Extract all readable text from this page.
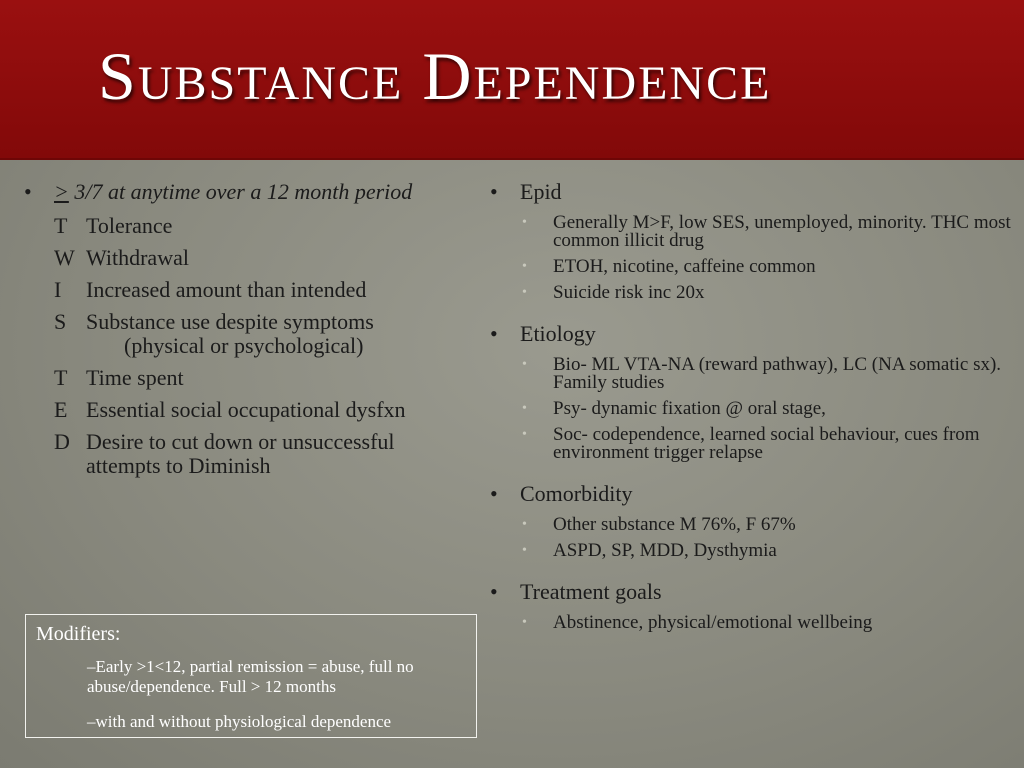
Substance Dependence
• ≥ 3/7 at anytime over a 12 month period
T Tolerance
W Withdrawal
I Increased amount than intended
S Substance use despite symptoms
(physical or psychological)
T Time spent
E Essential social occupational dysfxn
D Desire to cut down or unsuccessful
attempts to Diminish
Modifiers:
–Early >1<12, partial remission = abuse, full no abuse/dependence. Full > 12 months
–with and without physiological dependence
• Epid
• Generally M>F, low SES, unemployed, minority. THC most common illicit drug
• ETOH, nicotine, caffeine common
• Suicide risk inc 20x
• Etiology
• Bio- ML VTA-NA (reward pathway), LC (NA somatic sx). Family studies
• Psy- dynamic fixation @ oral stage,
• Soc- codependence, learned social behaviour, cues from environment trigger relapse
• Comorbidity
• Other substance M 76%, F 67%
• ASPD, SP, MDD, Dysthymia
• Treatment goals
• Abstinence, physical/emotional wellbeing
